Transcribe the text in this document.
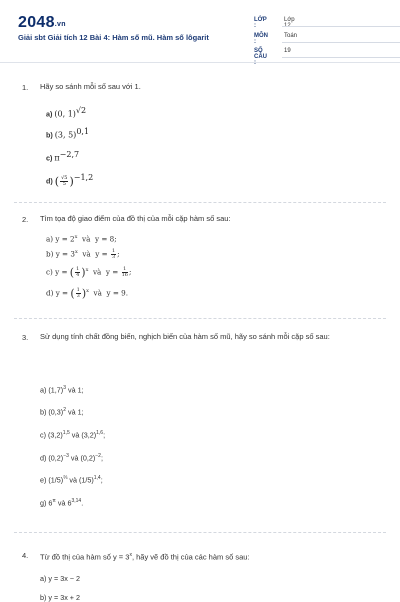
2048.vn
Giải sbt Giải tích 12 Bài 4: Hàm số mũ. Hàm số lôgarit
LỚP :
Lớp 12
MÔN :
Toán
SỐ CÂU :
19
1. Hãy so sánh mỗi số sau với 1.
a) (0, 1)$^{√2}$
b) (3, 5)$^{0,1}$
c) $\pi^{-2,7}$
d) ( $\frac{√5}{5} )^{-1,2}$
2. Tìm tọa độ giao điểm của đồ thị của mỗi cặp hàm số sau:
a) $y = 2^x$ và y = 8;
b) $y = 3^x$ và $y = \frac{1}{3}$ ;
c) y = ( $\frac{1}{4} )^x$ và $y = \frac{1}{16}$ ;
d) y = ( $\frac{1}{3} )^x$ và y = 9.
3. Sử dụng tính chất đồng biến, nghịch biến của hàm số mũ, hãy so sánh mỗi cặp số sau:
a) $(1,7)^3$ và 1;
b) $(0,3)^2$ và 1;
c) $(3,2)^{1,5}$ và $(3,2)^{1,6}$;
d) $(0,2)^{-3}$ và $(0,2)^{-2}$;
e) $(1/5)^{\frac{2}{3}}$ và $(1/5)^{1,4}$;
g) $6^\pi$ và 6$^{3,14}$.
4. Từ đồ thị của hàm số $y = 3^x$, hãy vẽ đồ thị của các hàm số sau:
a) y = 3x − 2
b) y = 3x + 2
